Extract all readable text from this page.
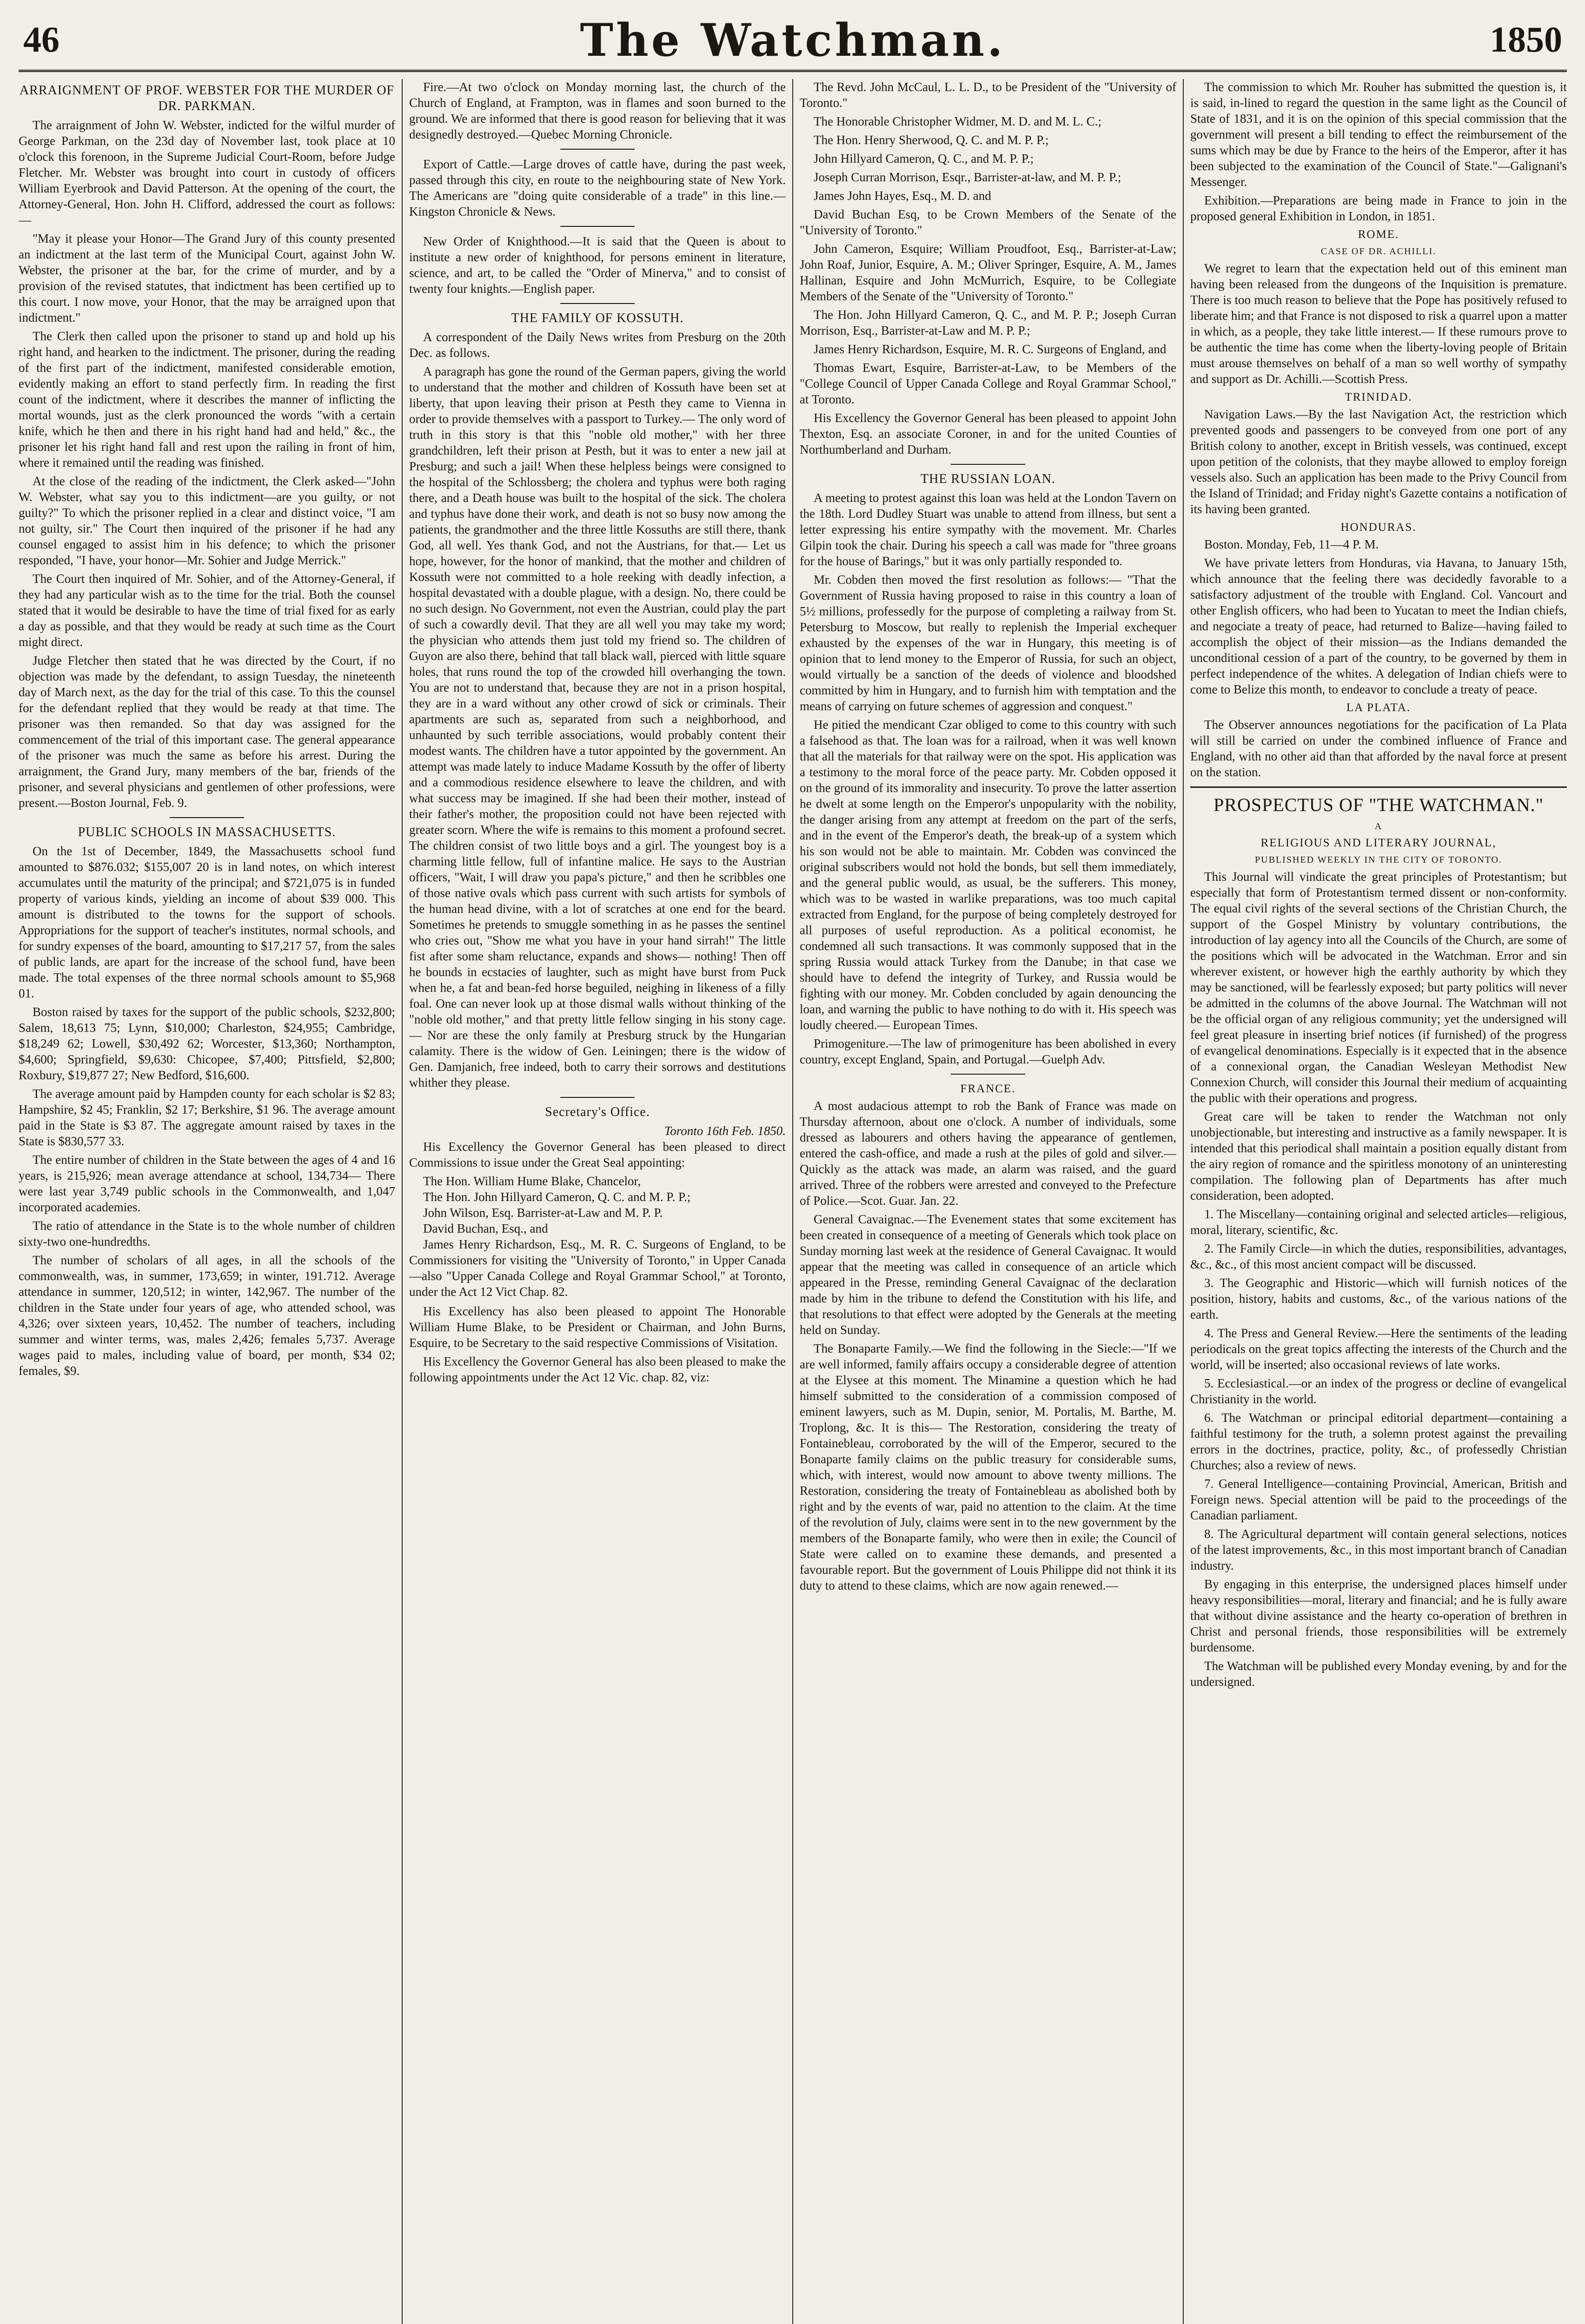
46	The Watchman.	1850
ARRAIGNMENT OF PROF. WEBSTER FOR THE MURDER OF DR. PARKMAN.

The arraignment of John W. Webster, indicted for the wilful murder of George Parkman, on the 23d day of November last, took place at 10 o'clock this forenoon, in the Supreme Judicial Court-Room, before Judge Fletcher. Mr. Webster was brought into court in custody of officers William Eyerbrook and David Patterson. At the opening of the court, the Attorney-General, Hon. John H. Clifford, addressed the court as follows:—

"May it please your Honor—The Grand Jury of this county presented an indictment at the last term of the Municipal Court, against John W. Webster, the prisoner at the bar, for the crime of murder, and by a provision of the revised statutes, that indictment has been certified up to this court. I now move, your Honor, that the may be arraigned upon that indictment."

The Clerk then called upon the prisoner to stand up and hold up his right hand, and hearken to the indictment. The prisoner, during the reading of the first part of the indictment, manifested considerable emotion, evidently making an effort to stand perfectly firm. In reading the first count of the indictment, where it describes the manner of inflicting the mortal wounds, just as the clerk pronounced the words "with a certain knife, which he then and there in his right hand had and held," &c., the prisoner let his right hand fall and rest upon the railing in front of him, where it remained until the reading was finished.

At the close of the reading of the indictment, the Clerk asked—"John W. Webster, what say you to this indictment—are you guilty, or not guilty?" To which the prisoner replied in a clear and distinct voice, "I am not guilty, sir." The Court then inquired of the prisoner if he had any counsel engaged to assist him in his defence; to which the prisoner responded, "I have, your honor—Mr. Sohier and Judge Merrick."

The Court then inquired of Mr. Sohier, and of the Attorney-General, if they had any particular wish as to the time for the trial. Both the counsel stated that it would be desirable to have the time of trial fixed for as early a day as possible, and that they would be ready at such time as the Court might direct.

Judge Fletcher then stated that he was directed by the Court, if no objection was made by the defendant, to assign Tuesday, the nineteenth day of March next, as the day for the trial of this case. To this the counsel for the defendant replied that they would be ready at that time. The prisoner was then remanded. So that day was assigned for the commencement of the trial of this important case. The general appearance of the prisoner was much the same as before his arrest. During the arraignment, the Grand Jury, many members of the bar, friends of the prisoner, and several physicians and gentlemen of other professions, were present.—Boston Journal, Feb. 9.

PUBLIC SCHOOLS IN MASSACHUSETTS.

On the 1st of December, 1849, the Massachusetts school fund amounted to $876.032; $155,007 20 is in land notes, on which interest accumulates until the maturity of the principal; and $721,075 is in funded property of various kinds, yielding an income of about $39 000. This amount is distributed to the towns for the support of schools. Appropriations for the support of teacher's institutes, normal schools, and for sundry expenses of the board, amounting to $17,217 57, from the sales of public lands, are apart for the increase of the school fund, have been made. The total expenses of the three normal schools amount to $5,968 01.

Boston raised by taxes for the support of the public schools, $232,800; Salem, 18,613 75; Lynn, $10,000; Charleston, $24,955; Cambridge, $18,249 62; Lowell, $30,492 62; Worcester, $13,360; Northampton, $4,600; Springfield, $9,630: Chicopee, $7,400; Pittsfield, $2,800; Roxbury, $19,877 27; New Bedford, $16,600.

The average amount paid by Hampden county for each scholar is $2 83; Hampshire, $2 45; Franklin, $2 17; Berkshire, $1 96. The average amount paid in the State is $3 87. The aggregate amount raised by taxes in the State is $830,577 33.

The entire number of children in the State between the ages of 4 and 16 years, is 215,926; mean average attendance at school, 134,734— There were last year 3,749 public schools in the Commonwealth, and 1,047 incorporated academies.

The ratio of attendance in the State is to the whole number of children sixty-two one-hundredths.

The number of scholars of all ages, in all the schools of the commonwealth, was, in summer, 173,659; in winter, 191.712. Average attendance in summer, 120,512; in winter, 142,967. The number of the children in the State under four years of age, who attended school, was 4,326; over sixteen years, 10,452. The number of teachers, including summer and winter terms, was, males 2,426; females 5,737. Average wages paid to males, including value of board, per month, $34 02; females, $9.

Fire.—At two o'clock on Monday morning last, the church of the Church of England, at Frampton, was in flames and soon burned to the ground. We are informed that there is good reason for believing that it was designedly destroyed.—Quebec Morning Chronicle.

Export of Cattle.—Large droves of cattle have, during the past week, passed through this city, en route to the neighbouring state of New York. The Americans are "doing quite considerable of a trade" in this line.—Kingston Chronicle & News.

New Order of Knighthood.—It is said that the Queen is about to institute a new order of knighthood, for persons eminent in literature, science, and art, to be called the "Order of Minerva," and to consist of twenty four knights.—English paper.

THE FAMILY OF KOSSUTH.

A correspondent of the Daily News writes from Presburg on the 20th Dec. as follows.

A paragraph has gone the round of the German papers, giving the world to understand that the mother and children of Kossuth have been set at liberty, that upon leaving their prison at Pesth they came to Vienna in order to provide themselves with a passport to Turkey.— The only word of truth in this story is that this "noble old mother," with her three grandchildren, left their prison at Pesth, but it was to enter a new jail at Presburg; and such a jail! When these helpless beings were consigned to the hospital of the Schlossberg; the cholera and typhus were both raging there, and a Death house was built to the hospital of the sick. The cholera and typhus have done their work, and death is not so busy now among the patients, the grandmother and the three little Kossuths are still there, thank God, all well. Yes thank God, and not the Austrians, for that.— Let us hope, however, for the honor of mankind, that the mother and children of Kossuth were not committed to a hole reeking with deadly infection, a hospital devastated with a double plague, with a design. No, there could be no such design. No Government, not even the Austrian, could play the part of such a cowardly devil. That they are all well you may take my word; the physician who attends them just told my friend so. The children of Guyon are also there, behind that tall black wall, pierced with little square holes, that runs round the top of the crowded hill overhanging the town. You are not to understand that, because they are not in a prison hospital, they are in a ward without any other crowd of sick or criminals. Their apartments are such as, separated from such a neighborhood, and unhaunted by such terrible associations, would probably content their modest wants. The children have a tutor appointed by the government. An attempt was made lately to induce Madame Kossuth by the offer of liberty and a commodious residence elsewhere to leave the children, and with what success may be imagined. If she had been their mother, instead of their father's mother, the proposition could not have been rejected with greater scorn. Where the wife is remains to this moment a profound secret. The children consist of two little boys and a girl. The youngest boy is a charming little fellow, full of infantine malice. He says to the Austrian officers, "Wait, I will draw you papa's picture," and then he scribbles one of those native ovals which pass current with such artists for symbols of the human head divine, with a lot of scratches at one end for the beard. Sometimes he pretends to smuggle something in as he passes the sentinel who cries out, "Show me what you have in your hand sirrah!" The little fist after some sham reluctance, expands and shows— nothing! Then off he bounds in ecstacies of laughter, such as might have burst from Puck when he, a fat and bean-fed horse beguiled, neighing in likeness of a filly foal. One can never look up at those dismal walls without thinking of the "noble old mother," and that pretty little fellow singing in his stony cage.— Nor are these the only family at Presburg struck by the Hungarian calamity. There is the widow of Gen. Leiningen; there is the widow of Gen. Damjanich, free indeed, both to carry their sorrows and destitutions whither they please.

Secretary's Office.
Toronto 16th Feb. 1850.

His Excellency the Governor General has been pleased to direct Commissions to issue under the Great Seal appointing:

The Hon. William Hume Blake, Chancelor,
The Hon. John Hillyard Cameron, Q. C. and M. P. P.;
John Wilson, Esq. Barrister-at-Law and M. P. P.
David Buchan, Esq., and
James Henry Richardson, Esq., M. R. C. Surgeons of England, to be Commissioners for visiting the "University of Toronto," in Upper Canada—also "Upper Canada College and Royal Grammar School," at Toronto, under the Act 12 Vict Chap. 82.

His Excellency has also been pleased to appoint The Honorable William Hume Blake, to be President or Chairman, and John Burns, Esquire, to be Secretary to the said respective Commissions of Visitation.

His Excellency the Governor General has also been pleased to make the following appointments under the Act 12 Vic. chap. 82, viz:

The Revd. John McCaul, L. L. D., to be President of the "University of Toronto."

The Honorable Christopher Widmer, M. D. and M. L. C.;

The Hon. Henry Sherwood, Q. C. and M. P. P.;

John Hillyard Cameron, Q. C., and M. P. P.;

Joseph Curran Morrison, Esqr., Barrister-at-law, and M. P. P.;

James John Hayes, Esq., M. D. and

David Buchan Esq, to be Crown Members of the Senate of the "University of Toronto."

John Cameron, Esquire; William Proudfoot, Esq., Barrister-at-Law; John Roaf, Junior, Esquire, A. M.; Oliver Springer, Esquire, A. M., James Hallinan, Esquire and John McMurrich, Esquire, to be Collegiate Members of the Senate of the "University of Toronto."

The Hon. John Hillyard Cameron, Q. C., and M. P. P.; Joseph Curran Morrison, Esq., Barrister-at-Law and M. P. P.;

James Henry Richardson, Esquire, M. R. C. Surgeons of England, and

Thomas Ewart, Esquire, Barrister-at-Law, to be Members of the "College Council of Upper Canada College and Royal Grammar School," at Toronto.

His Excellency the Governor General has been pleased to appoint John Thexton, Esq. an associate Coroner, in and for the united Counties of Northumberland and Durham.

THE RUSSIAN LOAN.

A meeting to protest against this loan was held at the London Tavern on the 18th. Lord Dudley Stuart was unable to attend from illness, but sent a letter expressing his entire sympathy with the movement. Mr. Charles Gilpin took the chair. During his speech a call was made for "three groans for the house of Barings," but it was only partially responded to.

Mr. Cobden then moved the first resolution as follows:— "That the Government of Russia having proposed to raise in this country a loan of 5½ millions, professedly for the purpose of completing a railway from St. Petersburg to Moscow, but really to replenish the Imperial exchequer exhausted by the expenses of the war in Hungary, this meeting is of opinion that to lend money to the Emperor of Russia, for such an object, would virtually be a sanction of the deeds of violence and bloodshed committed by him in Hungary, and to furnish him with temptation and the means of carrying on future schemes of aggression and conquest."

He pitied the mendicant Czar obliged to come to this country with such a falsehood as that. The loan was for a railroad, when it was well known that all the materials for that railway were on the spot. His application was a testimony to the moral force of the peace party. Mr. Cobden opposed it on the ground of its immorality and insecurity. To prove the latter assertion he dwelt at some length on the Emperor's unpopularity with the nobility, the danger arising from any attempt at freedom on the part of the serfs, and in the event of the Emperor's death, the break-up of a system which his son would not be able to maintain. Mr. Cobden was convinced the original subscribers would not hold the bonds, but sell them immediately, and the general public would, as usual, be the sufferers. This money, which was to be wasted in warlike preparations, was too much capital extracted from England, for the purpose of being completely destroyed for all purposes of useful reproduction. As a political economist, he condemned all such transactions. It was commonly supposed that in the spring Russia would attack Turkey from the Danube; in that case we should have to defend the integrity of Turkey, and Russia would be fighting with our money. Mr. Cobden concluded by again denouncing the loan, and warning the public to have nothing to do with it. His speech was loudly cheered.— European Times.

Primogeniture.—The law of primogeniture has been abolished in every country, except England, Spain, and Portugal.—Guelph Adv.

FRANCE.

A most audacious attempt to rob the Bank of France was made on Thursday afternoon, about one o'clock. A number of individuals, some dressed as labourers and others having the appearance of gentlemen, entered the cash-office, and made a rush at the piles of gold and silver.— Quickly as the attack was made, an alarm was raised, and the guard arrived. Three of the robbers were arrested and conveyed to the Prefecture of Police.—Scot. Guar. Jan. 22.

General Cavaignac.—The Evenement states that some excitement has been created in consequence of a meeting of Generals which took place on Sunday morning last week at the residence of General Cavaignac. It would appear that the meeting was called in consequence of an article which appeared in the Presse, reminding General Cavaignac of the declaration made by him in the tribune to defend the Constitution with his life, and that resolutions to that effect were adopted by the Generals at the meeting held on Sunday.

The Bonaparte Family.—We find the following in the Siecle:—"If we are well informed, family affairs occupy a considerable degree of attention at the Elysee at this moment. The Minamine a question which he had himself submitted to the consideration of a commission composed of eminent lawyers, such as M. Dupin, senior, M. Portalis, M. Barthe, M. Troplong, &c. It is this— The Restoration, considering the treaty of Fontainebleau, corroborated by the will of the Emperor, secured to the Bonaparte family claims on the public treasury for considerable sums, which, with interest, would now amount to above twenty millions. The Restoration, considering the treaty of Fontainebleau as abolished both by right and by the events of war, paid no attention to the claim. At the time of the revolution of July, claims were sent in to the new government by the members of the Bonaparte family, who were then in exile; the Council of State were called on to examine these demands, and presented a favourable report. But the government of Louis Philippe did not think it its duty to attend to these claims, which are now again renewed.—

The commission to which Mr. Rouher has submitted the question is, it is said, in-lined to regard the question in the same light as the Council of State of 1831, and it is on the opinion of this special commission that the government will present a bill tending to effect the reimbursement of the sums which may be due by France to the heirs of the Emperor, after it has been subjected to the examination of the Council of State."—Galignani's Messenger.

Exhibition.—Preparations are being made in France to join in the proposed general Exhibition in London, in 1851.

ROME.
CASE OF DR. ACHILLI.

We regret to learn that the expectation held out of this eminent man having been released from the dungeons of the Inquisition is premature. There is too much reason to believe that the Pope has positively refused to liberate him; and that France is not disposed to risk a quarrel upon a matter in which, as a people, they take little interest.— If these rumours prove to be authentic the time has come when the liberty-loving people of Britain must arouse themselves on behalf of a man so well worthy of sympathy and support as Dr. Achilli.—Scottish Press.

TRINIDAD.

Navigation Laws.—By the last Navigation Act, the restriction which prevented goods and passengers to be conveyed from one port of any British colony to another, except in British vessels, was continued, except upon petition of the colonists, that they maybe allowed to employ foreign vessels also. Such an application has been made to the Privy Council from the Island of Trinidad; and Friday night's Gazette contains a notification of its having been granted.

HONDURAS.

Boston. Monday, Feb, 11—4 P. M.

We have private letters from Honduras, via Havana, to January 15th, which announce that the feeling there was decidedly favorable to a satisfactory adjustment of the trouble with England. Col. Vancourt and other English officers, who had been to Yucatan to meet the Indian chiefs, and negociate a treaty of peace, had returned to Balize—having failed to accomplish the object of their mission—as the Indians demanded the unconditional cession of a part of the country, to be governed by them in perfect independence of the whites. A delegation of Indian chiefs were to come to Belize this month, to endeavor to conclude a treaty of peace.

LA PLATA.

The Observer announces negotiations for the pacification of La Plata will still be carried on under the combined influence of France and England, with no other aid than that afforded by the naval force at present on the station.

PROSPECTUS OF "THE WATCHMAN."
A
RELIGIOUS AND LITERARY JOURNAL,
PUBLISHED WEEKLY IN THE CITY OF TORONTO.

This Journal will vindicate the great principles of Protestantism; but especially that form of Protestantism termed dissent or non-conformity. The equal civil rights of the several sections of the Christian Church, the support of the Gospel Ministry by voluntary contributions, the introduction of lay agency into all the Councils of the Church, are some of the positions which will be advocated in the Watchman. Error and sin wherever existent, or however high the earthly authority by which they may be sanctioned, will be fearlessly exposed; but party politics will never be admitted in the columns of the above Journal. The Watchman will not be the official organ of any religious community; yet the undersigned will feel great pleasure in inserting brief notices (if furnished) of the progress of evangelical denominations. Especially is it expected that in the absence of a connexional organ, the Canadian Wesleyan Methodist New Connexion Church, will consider this Journal their medium of acquainting the public with their operations and progress.

Great care will be taken to render the Watchman not only unobjectionable, but interesting and instructive as a family newspaper. It is intended that this periodical shall maintain a position equally distant from the airy region of romance and the spiritless monotony of an uninteresting compilation. The following plan of Departments has after much consideration, been adopted.

1. The Miscellany—containing original and selected articles—religious, moral, literary, scientific, &c.

2. The Family Circle—in which the duties, responsibilities, advantages, &c., &c., of this most ancient compact will be discussed.

3. The Geographic and Historic—which will furnish notices of the position, history, habits and customs, &c., of the various nations of the earth.

4. The Press and General Review.—Here the sentiments of the leading periodicals on the great topics affecting the interests of the Church and the world, will be inserted; also occasional reviews of late works.

5. Ecclesiastical.—or an index of the progress or decline of evangelical Christianity in the world.

6. The Watchman or principal editorial department—containing a faithful testimony for the truth, a solemn protest against the prevailing errors in the doctrines, practice, polity, &c., of professedly Christian Churches; also a review of news.

7. General Intelligence—containing Provincial, American, British and Foreign news. Special attention will be paid to the proceedings of the Canadian parliament.

8. The Agricultural department will contain general selections, notices of the latest improvements, &c., in this most important branch of Canadian industry.

By engaging in this enterprise, the undersigned places himself under heavy responsibilities—moral, literary and financial; and he is fully aware that without divine assistance and the hearty co-operation of brethren in Christ and personal friends, those responsibilities will be extremely burdensome.

The Watchman will be published every Monday evening, by and for the undersigned.
